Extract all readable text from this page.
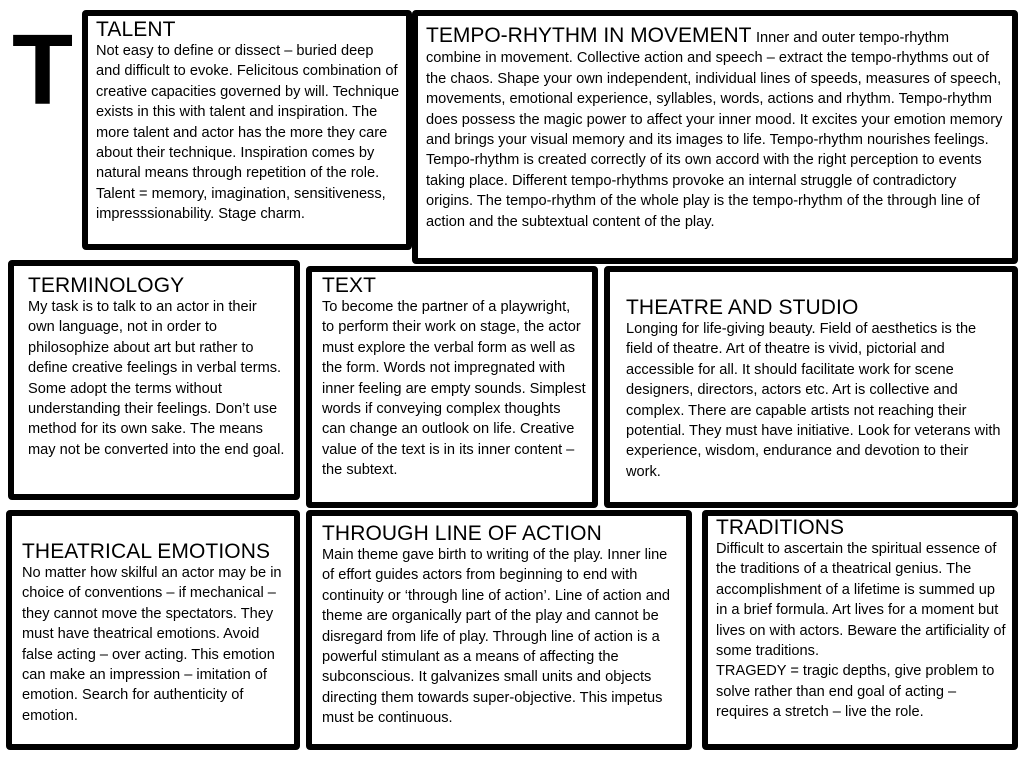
T TALENT
Not easy to define or dissect – buried deep and difficult to evoke. Felicitous combination of creative capacities governed by will. Technique exists in this with talent and inspiration. The more talent and actor has the more they care about their technique. Inspiration comes by natural means through repetition of the role. Talent = memory, imagination, sensitiveness, impresssionability. Stage charm.
TEMPO-RHYTHM IN MOVEMENT Inner and outer tempo-rhythm combine in movement. Collective action and speech – extract the tempo-rhythms out of the chaos. Shape your own independent, individual lines of speeds, measures of speech, movements, emotional experience, syllables, words, actions and rhythm. Tempo-rhythm does possess the magic power to affect your inner mood. It excites your emotion memory and brings your visual memory and its images to life. Tempo-rhythm nourishes feelings. Tempo-rhythm is created correctly of its own accord with the right perception to events taking place. Different tempo-rhythms provoke an internal struggle of contradictory origins. The tempo-rhythm of the whole play is the tempo-rhythm of the through line of action and the subtextual content of the play.
TERMINOLOGY
My task is to talk to an actor in their own language, not in order to philosophize about art but rather to define creative feelings in verbal terms. Some adopt the terms without understanding their feelings. Don’t use method for its own sake. The means may not be converted into the end goal.
TEXT
To become the partner of a playwright, to perform their work on stage, the actor must explore the verbal form as well as the form. Words not impregnated with inner feeling are empty sounds. Simplest words if conveying complex thoughts can change an outlook on life. Creative value of the text is in its inner content – the subtext.
THEATRE AND STUDIO
Longing for life-giving beauty. Field of aesthetics is the field of theatre. Art of theatre is vivid, pictorial and accessible for all. It should facilitate work for scene designers, directors, actors etc. Art is collective and complex. There are capable artists not reaching their potential. They must have initiative. Look for veterans with experience, wisdom, endurance and devotion to their work.
THEATRICAL EMOTIONS
No matter how skilful an actor may be in choice of conventions – if mechanical – they cannot move the spectators. They must have theatrical emotions. Avoid false acting – over acting. This emotion can make an impression – imitation of emotion. Search for authenticity of emotion.
THROUGH LINE OF ACTION
Main theme gave birth to writing of the play. Inner line of effort guides actors from beginning to end with continuity or ‘through line of action’. Line of action and theme are organically part of the play and cannot be disregard from life of play. Through line of action is a powerful stimulant as a means of affecting the subconscious. It galvanizes small units and objects directing them towards super-objective. This impetus must be continuous.
TRADITIONS
Difficult to ascertain the spiritual essence of the traditions of a theatrical genius. The accomplishment of a lifetime is summed up in a brief formula. Art lives for a moment but lives on with actors. Beware the artificiality of some traditions.
TRAGEDY = tragic depths, give problem to solve rather than end goal of acting – requires a stretch – live the role.
